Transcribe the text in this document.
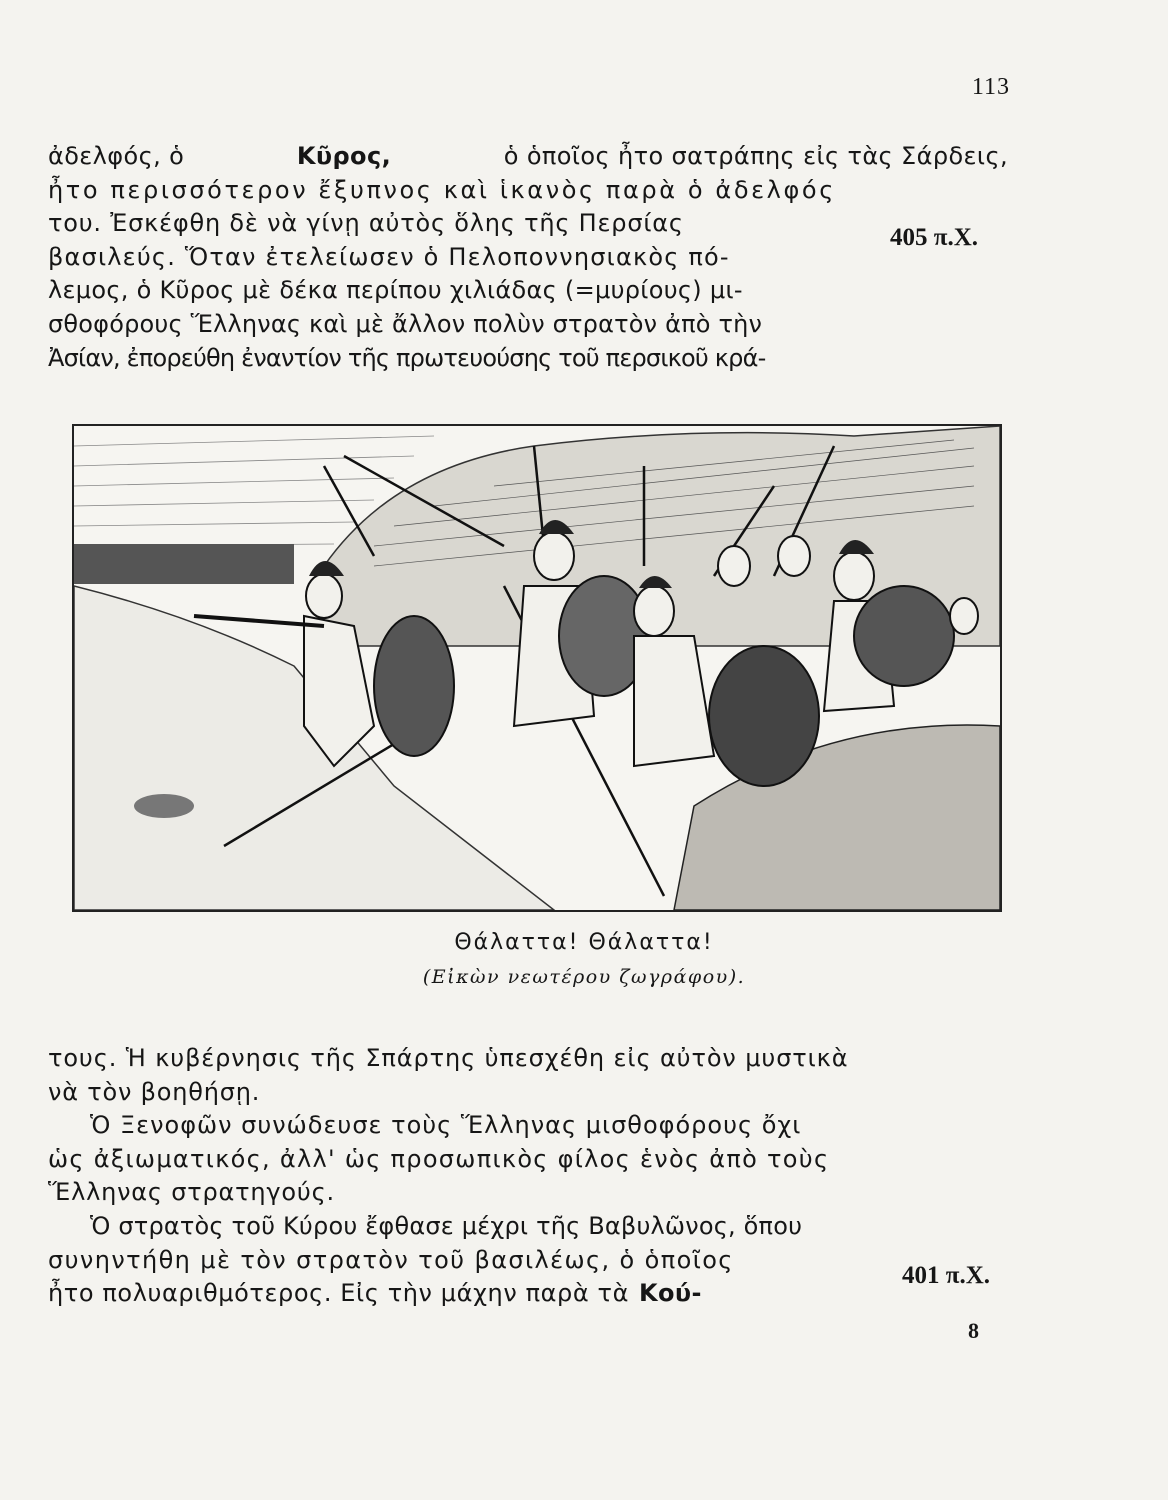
113
ἀδελφός, ὁ	Κῦρος,	ὁ ὁποῖος ἦτο σατράπης εἰς τὰς Σάρδεις,
ἦτο περισσότερον ἔξυπνος καὶ ἱκανὸς παρὰ ὁ ἀδελφός
του. Ἐσκέφθη δὲ νὰ γίνῃ αὐτὸς ὅλης τῆς Περσίας
βασιλεύς. Ὅταν ἐτελείωσεν ὁ Πελοποννησιακὸς πό-
λεμος, ὁ Κῦρος μὲ δέκα περίπου χιλιάδας (=μυρίους) μι-
σθοφόρους Ἕλληνας καὶ μὲ ἄλλον πολὺν στρατὸν ἀπὸ τὴν
Ἀσίαν, ἐπορεύθη ἐναντίον τῆς πρωτευούσης τοῦ περσικοῦ κρά-
405 π.Χ.
Θάλαττα! Θάλαττα!
(Εἰκὼν νεωτέρου ζωγράφου).
τους. Ἡ κυβέρνησις τῆς Σπάρτης ὑπεσχέθη εἰς αὐτὸν μυστικὰ
νὰ τὸν βοηθήσῃ.
Ὁ Ξενοφῶν συνώδευσε τοὺς Ἕλληνας μισθοφόρους ὄχι
ὡς ἀξιωματικός, ἀλλ' ὡς προσωπικὸς φίλος ἑνὸς ἀπὸ τοὺς
Ἕλληνας στρατηγούς.
Ὁ στρατὸς τοῦ Κύρου ἔφθασε μέχρι τῆς Βαβυλῶνος, ὅπου
συνηντήθη μὲ τὸν στρατὸν τοῦ βασιλέως, ὁ ὁποῖος
ἦτο πολυαριθμότερος. Εἰς τὴν μάχην παρὰ τὰ Κού-
401 π.Χ.
8
